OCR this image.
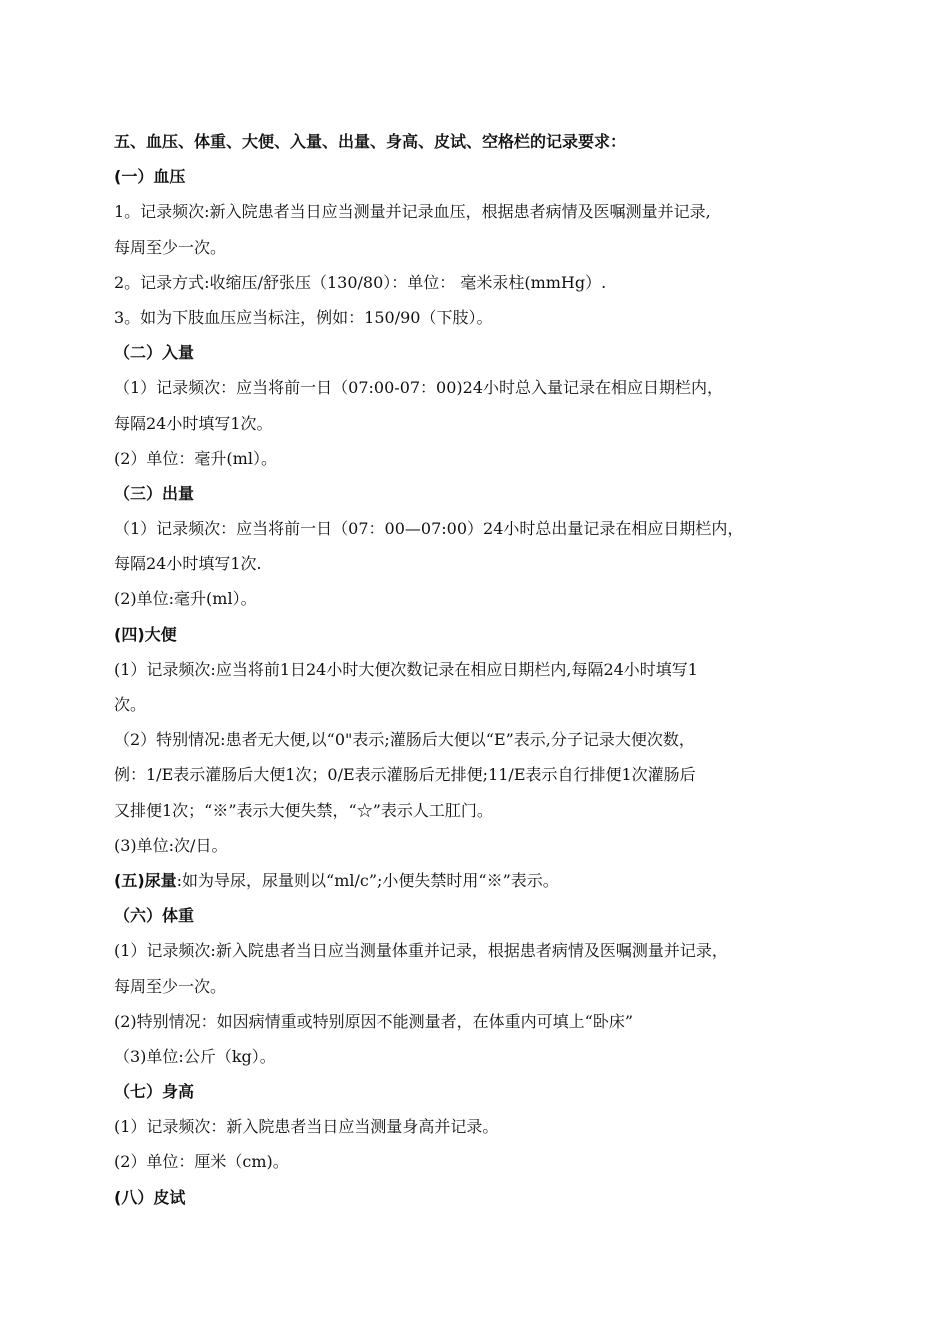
五、血压、体重、大便、入量、出量、身高、皮试、空格栏的记录要求：
(一）血压
1。记录频次:新入院患者当日应当测量并记录血压，根据患者病情及医嘱测量并记录,
每周至少一次。
2。记录方式:收缩压/舒张压（130/80）：单位： 毫米汞柱(mmHg）.
3。如为下肢血压应当标注，例如：150/90（下肢）。
（二）入量
（1）记录频次：应当将前一日（07:00-07：00)24小时总入量记录在相应日期栏内，
每隔24小时填写1次。
(2）单位：毫升(ml）。
（三）出量
（1）记录频次：应当将前一日（07：00—07:00）24小时总出量记录在相应日期栏内，
每隔24小时填写1次.
(2)单位:毫升(ml）。
(四)大便
(1）记录频次:应当将前1日24小时大便次数记录在相应日期栏内,每隔24小时填写1
次。
（2）特别情况:患者无大便,以“0"表示;灌肠后大便以“E”表示,分子记录大便次数，
例：1/E表示灌肠后大便1次；0/E表示灌肠后无排便;11/E表示自行排便1次灌肠后
又排便1次；“※”表示大便失禁，“☆”表示人工肛门。
(3)单位:次/日。
(五)尿量:如为导尿，尿量则以“ml/c”;小便失禁时用“※”表示。
（六）体重
(1）记录频次:新入院患者当日应当测量体重并记录，根据患者病情及医嘱测量并记录，
每周至少一次。
(2)特别情况：如因病情重或特别原因不能测量者，在体重内可填上“卧床”
（3)单位:公斤（kg）。
（七）身高
(1）记录频次：新入院患者当日应当测量身高并记录。
(2）单位：厘米（cm)。
(八）皮试
